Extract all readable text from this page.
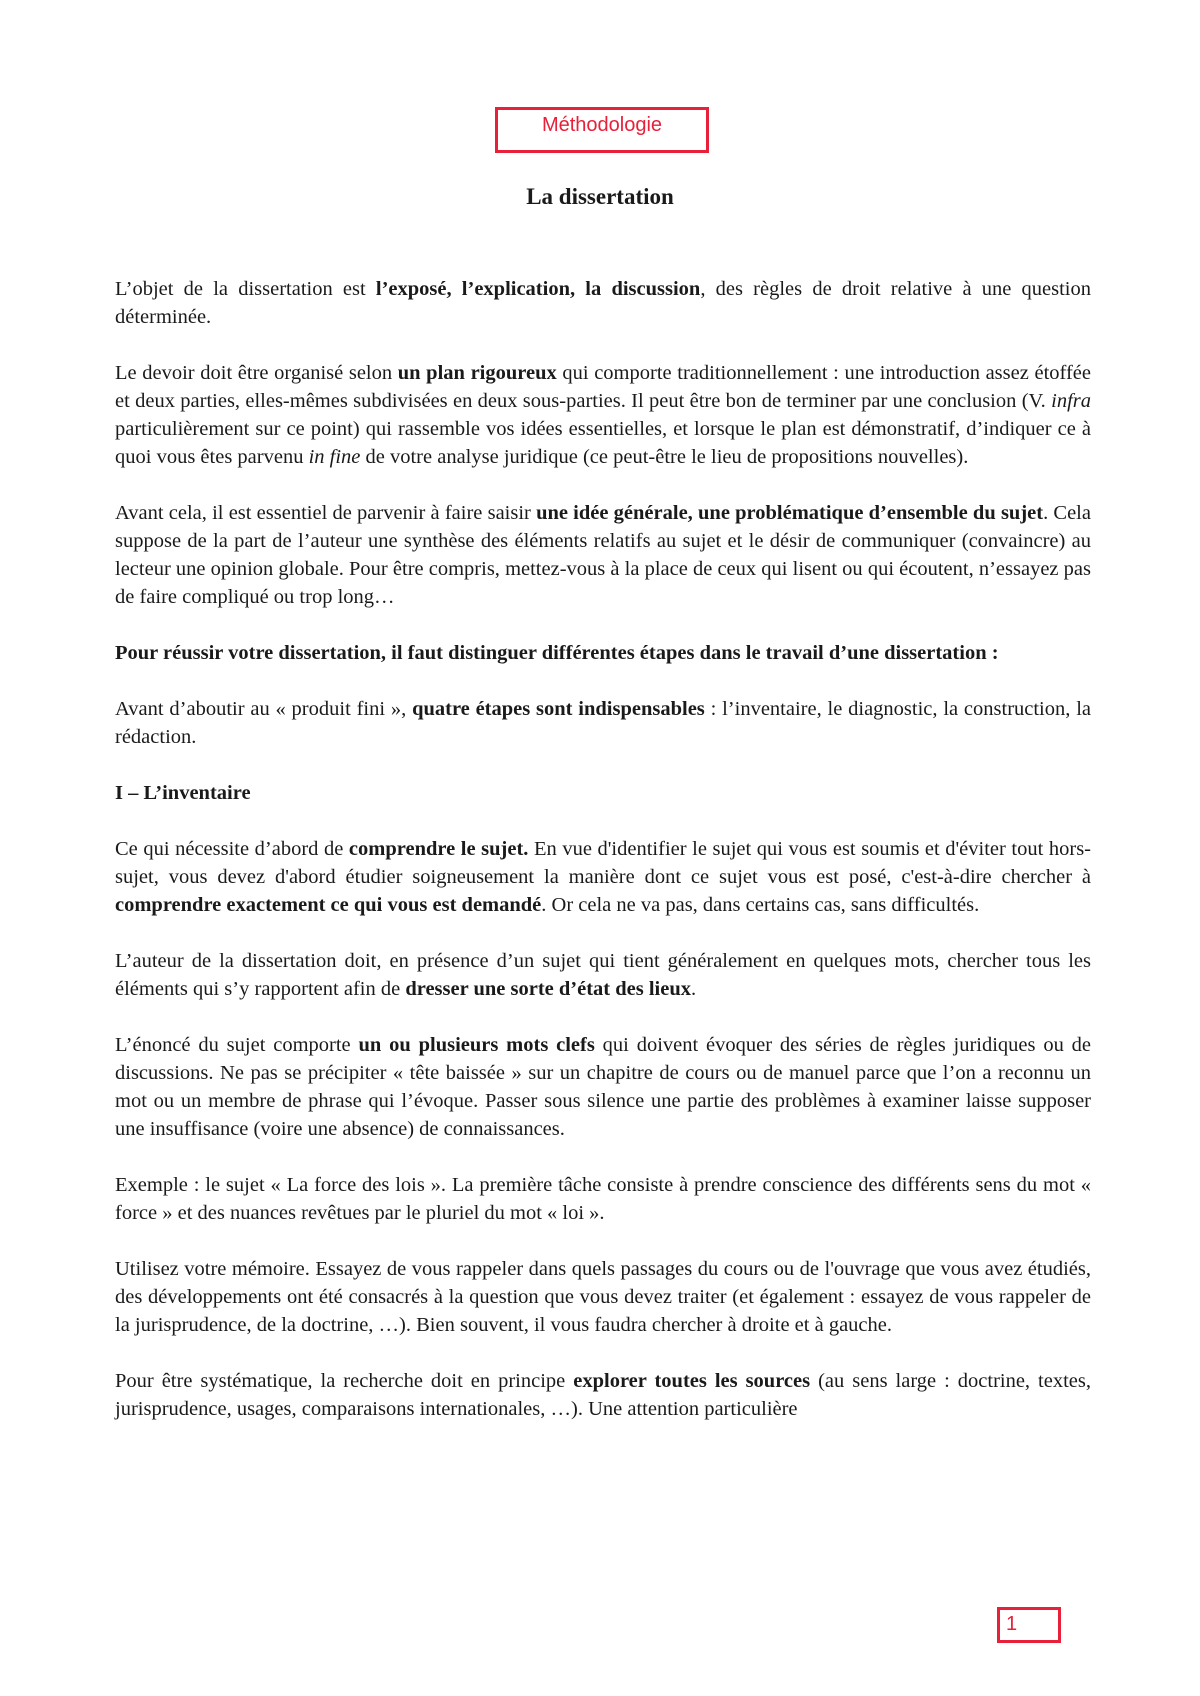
Méthodologie
La dissertation

L’objet de la dissertation est l’exposé, l’explication, la discussion, des règles de droit relative à une question déterminée.

Le devoir doit être organisé selon un plan rigoureux qui comporte traditionnellement : une introduction assez étoffée et deux parties, elles-mêmes subdivisées en deux sous-parties. Il peut être bon de terminer par une conclusion (V. infra particulièrement sur ce point) qui rassemble vos idées essentielles, et lorsque le plan est démonstratif, d’indiquer ce à quoi vous êtes parvenu in fine de votre analyse juridique (ce peut-être le lieu de propositions nouvelles).

Avant cela, il est essentiel de parvenir à faire saisir une idée générale, une problématique d’ensemble du sujet. Cela suppose de la part de l’auteur une synthèse des éléments relatifs au sujet et le désir de communiquer (convaincre) au lecteur une opinion globale. Pour être compris, mettez-vous à la place de ceux qui lisent ou qui écoutent, n’essayez pas de faire compliqué ou trop long…

Pour réussir votre dissertation, il faut distinguer différentes étapes dans le travail d’une dissertation :

Avant d’aboutir au « produit fini », quatre étapes sont indispensables : l’inventaire, le diagnostic, la construction, la rédaction.

I – L’inventaire

Ce qui nécessite d’abord de comprendre le sujet. En vue d'identifier le sujet qui vous est soumis et d'éviter tout hors-sujet, vous devez d'abord étudier soigneusement la manière dont ce sujet vous est posé, c'est-à-dire chercher à comprendre exactement ce qui vous est demandé. Or cela ne va pas, dans certains cas, sans difficultés.

L’auteur de la dissertation doit, en présence d’un sujet qui tient généralement en quelques mots, chercher tous les éléments qui s’y rapportent afin de dresser une sorte d’état des lieux.

L’énoncé du sujet comporte un ou plusieurs mots clefs qui doivent évoquer des séries de règles juridiques ou de discussions. Ne pas se précipiter « tête baissée » sur un chapitre de cours ou de manuel parce que l’on a reconnu un mot ou un membre de phrase qui l’évoque. Passer sous silence une partie des problèmes à examiner laisse supposer une insuffisance (voire une absence) de connaissances.

Exemple : le sujet « La force des lois ». La première tâche consiste à prendre conscience des différents sens du mot « force » et des nuances revêtues par le pluriel du mot « loi ».

Utilisez votre mémoire. Essayez de vous rappeler dans quels passages du cours ou de l'ouvrage que vous avez étudiés, des développements ont été consacrés à la question que vous devez traiter (et également : essayez de vous rappeler de la jurisprudence, de la doctrine, …). Bien souvent, il vous faudra chercher à droite et à gauche.

Pour être systématique, la recherche doit en principe explorer toutes les sources (au sens large : doctrine, textes, jurisprudence, usages, comparaisons internationales, …). Une attention particulière

1
